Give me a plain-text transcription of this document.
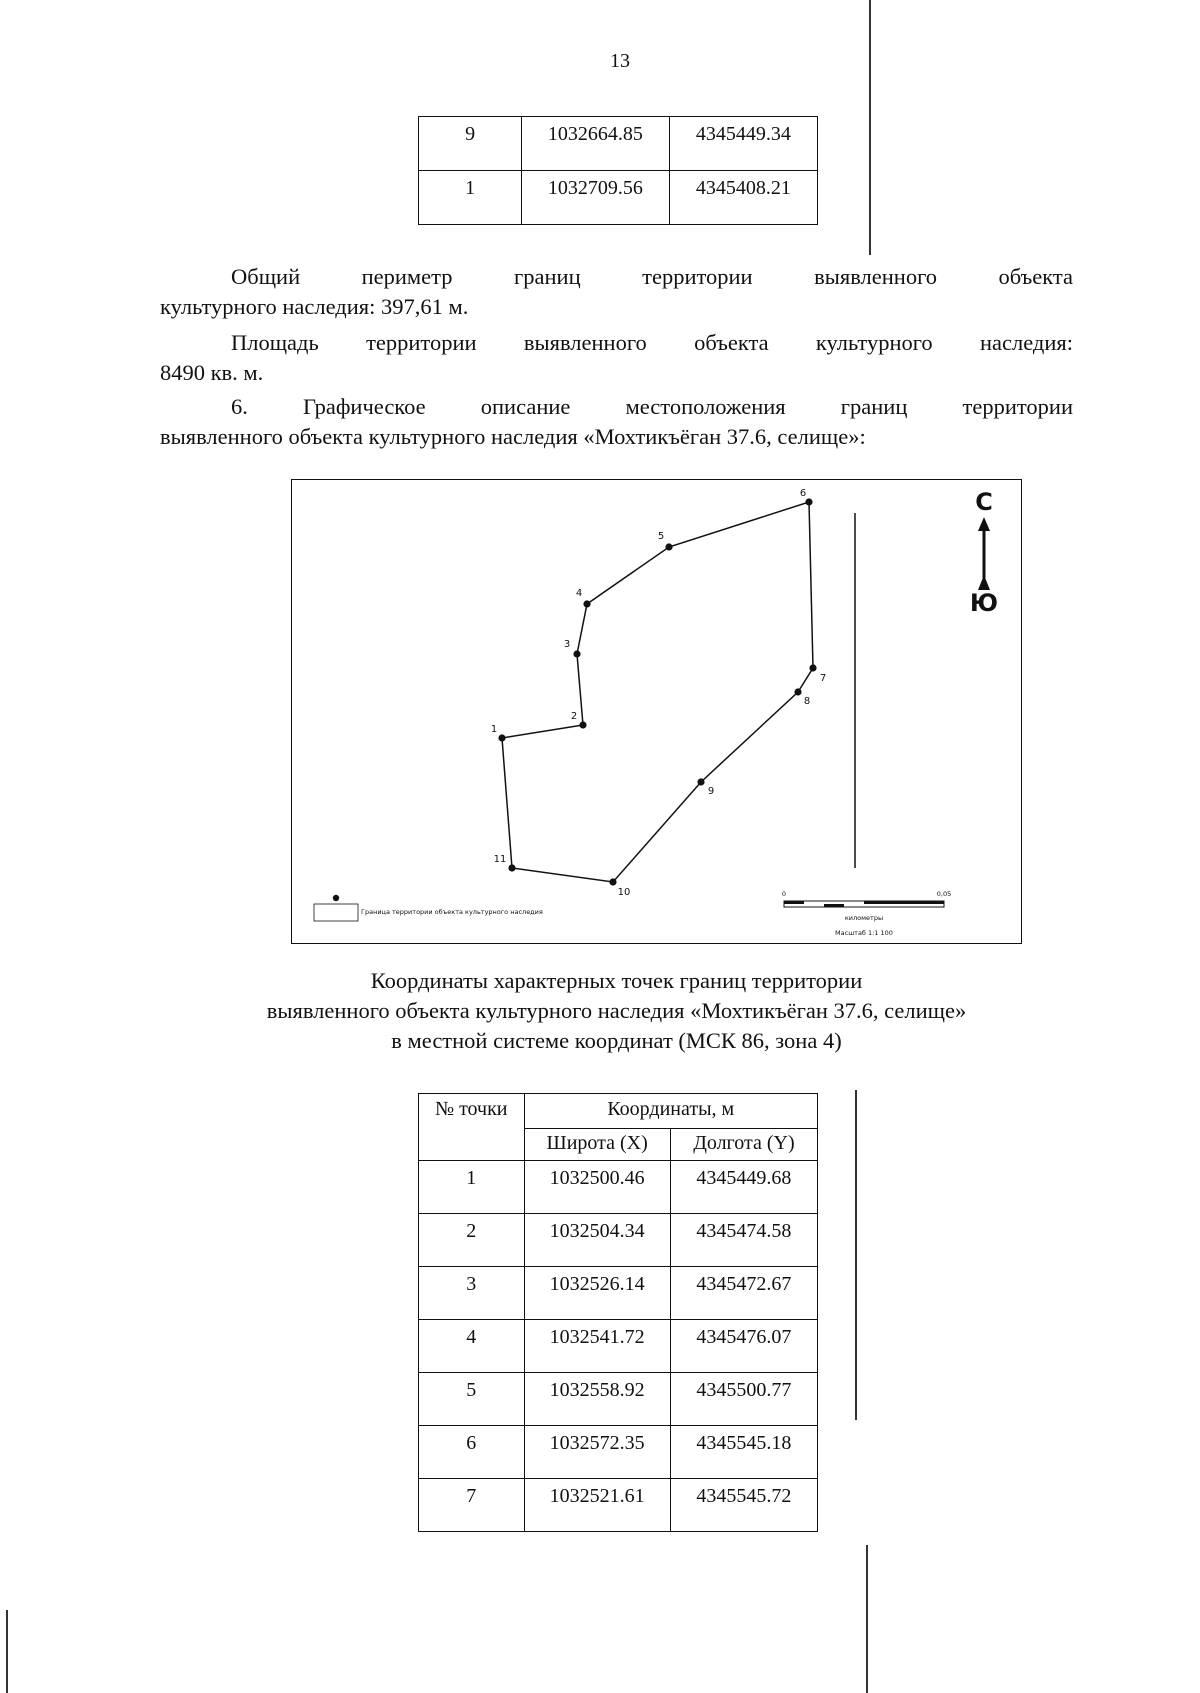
13
9	1032664.85	4345449.34
1	1032709.56	4345408.21
Общий периметр границ территории выявленного объекта
культурного наследия: 397,61 м.
Площадь территории выявленного объекта культурного наследия:
8490 кв. м.
6. Графическое описание местоположения границ территории
выявленного объекта культурного наследия «Мохтикъёган 37.6, селище»:
1
2
3
4
5
6
7
8
9
10
11
С
Ю
Граница территории объекта культурного наследия
0	0,05
километры
Масштаб 1:1 100
Координаты характерных точек границ территории
выявленного объекта культурного наследия «Мохтикъёган 37.6, селище»
в местной системе координат (МСК 86, зона 4)
№ точки	Координаты, м	
	Широта (X)	Долгота (Y)
1	1032500.46	4345449.68
2	1032504.34	4345474.58
3	1032526.14	4345472.67
4	1032541.72	4345476.07
5	1032558.92	4345500.77
6	1032572.35	4345545.18
7	1032521.61	4345545.72
